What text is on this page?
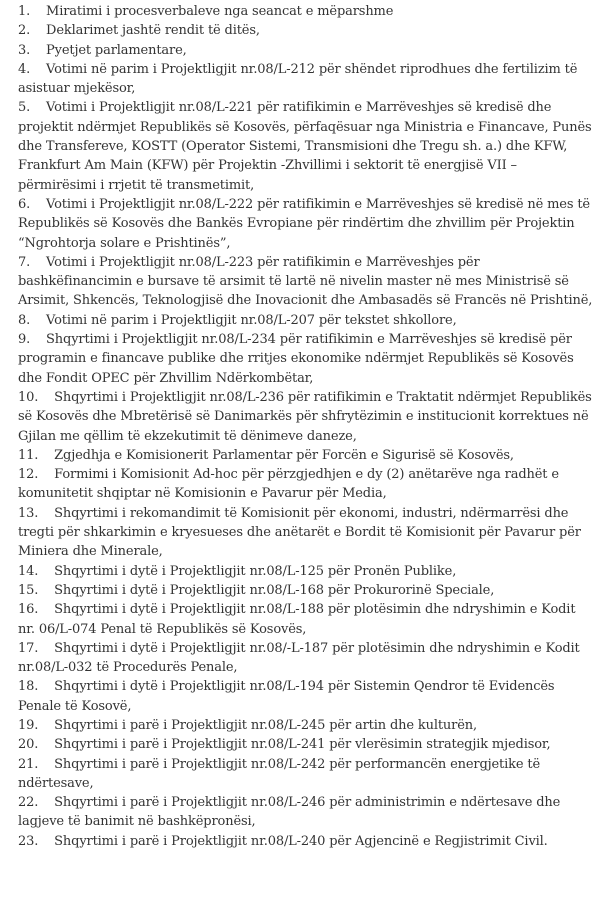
1. Miratimi i procesverbaleve nga seancat e mëparshme

2. Deklarimet jashtë rendit të ditës,

3. Pyetjet parlamentare,

4. Votimi në parim i Projektligjit nr.08/L-212 për shëndet riprodhues dhe fertilizim të asistuar mjekësor,

5. Votimi i Projektligjit nr.08/L-221 për ratifikimin e Marrëveshjes së kredisë dhe projektit ndërmjet Republikës së Kosovës, përfaqësuar nga Ministria e Financave, Punës dhe Transfereve, KOSTT (Operator Sistemi, Transmisioni dhe Tregu sh. a.) dhe KFW, Frankfurt Am Main (KFW) për Projektin -Zhvillimi i sektorit të energjisë VII – përmirësimi i rrjetit të transmetimit,

6. Votimi i Projektligjit nr.08/L-222 për ratifikimin e Marrëveshjes së kredisë në mes të Republikës së Kosovës dhe Bankës Evropiane për rindërtim dhe zhvillim për Projektin “Ngrohtorja solare e Prishtinës”,

7. Votimi i Projektligjit nr.08/L-223 për ratifikimin e Marrëveshjes për bashkëfinancimin e bursave të arsimit të lartë në nivelin master në mes Ministrisë së Arsimit, Shkencës, Teknologjisë dhe Inovacionit dhe Ambasadës së Francës në Prishtinë,

8. Votimi në parim i Projektligjit nr.08/L-207 për tekstet shkollore,

9. Shqyrtimi i Projektligjit nr.08/L-234 për ratifikimin e Marrëveshjes së kredisë për programin e financave publike dhe rritjes ekonomike ndërmjet Republikës së Kosovës dhe Fondit OPEC për Zhvillim Ndërkombëtar,

10. Shqyrtimi i Projektligjit nr.08/L-236 për ratifikimin e Traktatit ndërmjet Republikës së Kosovës dhe Mbretërisë së Danimarkës për shfrytëzimin e institucionit korrektues në Gjilan me qëllim të ekzekutimit të dënimeve daneze,

11. Zgjedhja e Komisionerit Parlamentar për Forcën e Sigurisë së Kosovës,

12. Formimi i Komisionit Ad-hoc për përzgjedhjen e dy (2) anëtarëve nga radhët e komunitetit shqiptar në Komisionin e Pavarur për Media,

13. Shqyrtimi i rekomandimit të Komisionit për ekonomi, industri, ndërmarrësi dhe tregti për shkarkimin e kryesueses dhe anëtarët e Bordit të Komisionit për Pavarur për Miniera dhe Minerale,

14. Shqyrtimi i dytë i Projektligjit nr.08/L-125 për Pronën Publike,

15. Shqyrtimi i dytë i Projektligjit nr.08/L-168 për Prokurorinë Speciale,

16. Shqyrtimi i dytë i Projektligjit nr.08/L-188 për plotësimin dhe ndryshimin e Kodit nr. 06/L-074 Penal të Republikës së Kosovës,

17. Shqyrtimi i dytë i Projektligjit nr.08/-L-187 për plotësimin dhe ndryshimin e Kodit nr.08/L-032 të Procedurës Penale,

18. Shqyrtimi i dytë i Projektligjit nr.08/L-194 për Sistemin Qendror të Evidencës Penale të Kosovë,

19. Shqyrtimi i parë i Projektligjit nr.08/L-245 për artin dhe kulturën,

20. Shqyrtimi i parë i Projektligjit nr.08/L-241 për vlerësimin strategjik mjedisor,

21. Shqyrtimi i parë i Projektligjit nr.08/L-242 për performancën energjetike të ndërtesave,

22. Shqyrtimi i parë i Projektligjit nr.08/L-246 për administrimin e ndërtesave dhe lagjeve të banimit në bashkëpronësi,

23. Shqyrtimi i parë i Projektligjit nr.08/L-240 për Agjencinë e Regjistrimit Civil.
